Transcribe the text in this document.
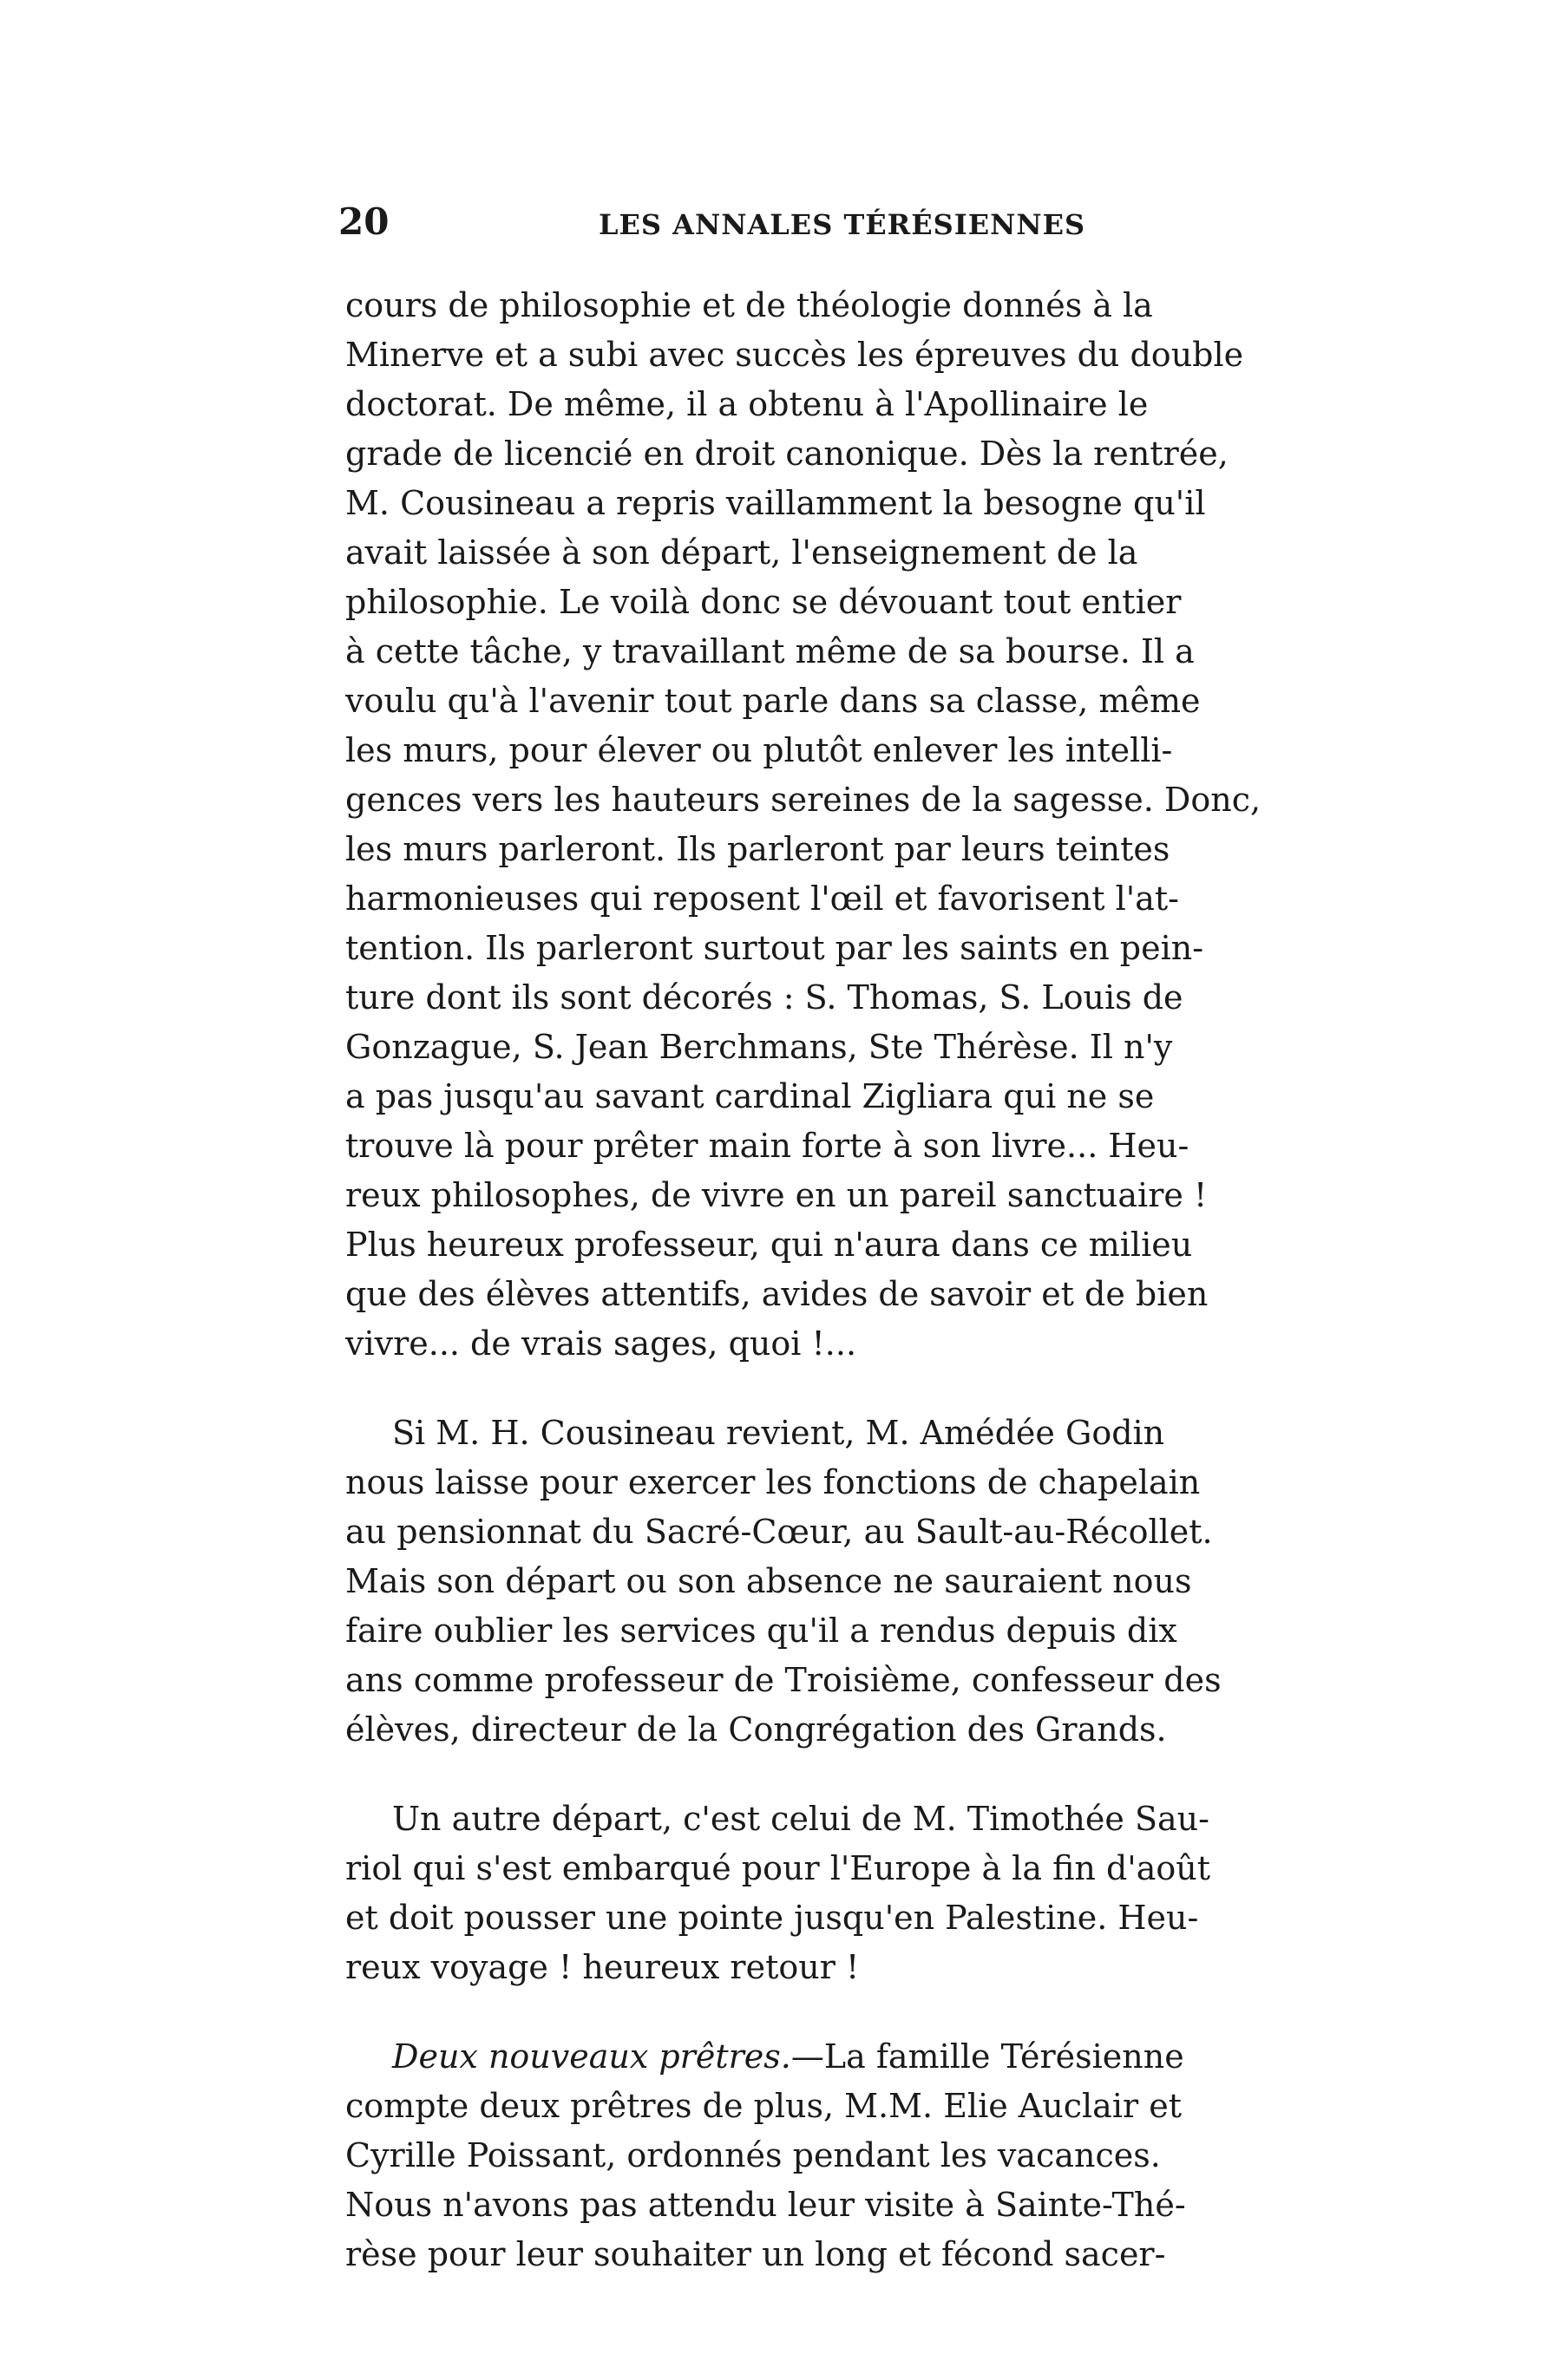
20	LES ANNALES TÉRÉSIENNES
cours de philosophie et de théologie donnés à la
Minerve et a subi avec succès les épreuves du double
doctorat. De même, il a obtenu à l'Apollinaire le
grade de licencié en droit canonique. Dès la rentrée,
M. Cousineau a repris vaillamment la besogne qu'il
avait laissée à son départ, l'enseignement de la
philosophie. Le voilà donc se dévouant tout entier
à cette tâche, y travaillant même de sa bourse. Il a
voulu qu'à l'avenir tout parle dans sa classe, même
les murs, pour élever ou plutôt enlever les intelli-
gences vers les hauteurs sereines de la sagesse. Donc,
les murs parleront. Ils parleront par leurs teintes
harmonieuses qui reposent l'œil et favorisent l'at-
tention. Ils parleront surtout par les saints en pein-
ture dont ils sont décorés : S. Thomas, S. Louis de
Gonzague, S. Jean Berchmans, Ste Thérèse. Il n'y
a pas jusqu'au savant cardinal Zigliara qui ne se
trouve là pour prêter main forte à son livre... Heu-
reux philosophes, de vivre en un pareil sanctuaire !
Plus heureux professeur, qui n'aura dans ce milieu
que des élèves attentifs, avides de savoir et de bien
vivre... de vrais sages, quoi !...
Si M. H. Cousineau revient, M. Amédée Godin
nous laisse pour exercer les fonctions de chapelain
au pensionnat du Sacré-Cœur, au Sault-au-Récollet.
Mais son départ ou son absence ne sauraient nous
faire oublier les services qu'il a rendus depuis dix
ans comme professeur de Troisième, confesseur des
élèves, directeur de la Congrégation des Grands.
Un autre départ, c'est celui de M. Timothée Sau-
riol qui s'est embarqué pour l'Europe à la fin d'août
et doit pousser une pointe jusqu'en Palestine. Heu-
reux voyage ! heureux retour !
Deux nouveaux prêtres.—La famille Térésienne
compte deux prêtres de plus, M.M. Elie Auclair et
Cyrille Poissant, ordonnés pendant les vacances.
Nous n'avons pas attendu leur visite à Sainte-Thé-
rèse pour leur souhaiter un long et fécond sacer-
